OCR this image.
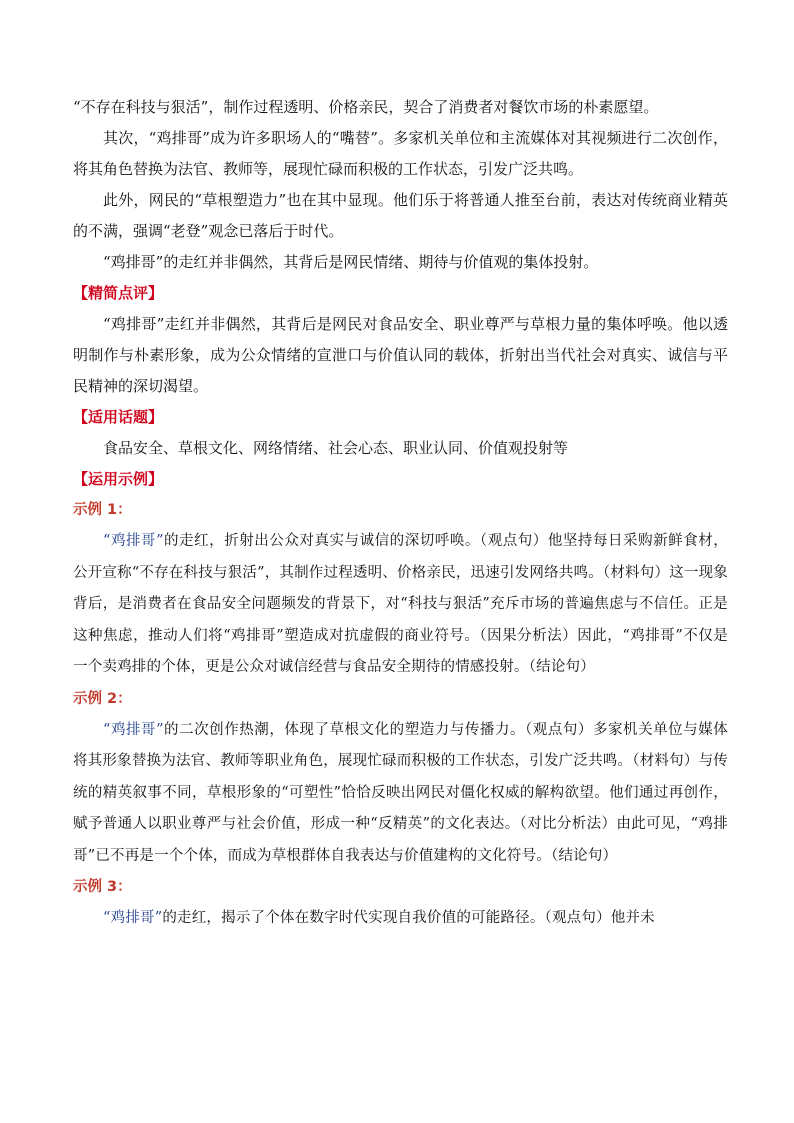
“不存在科技与狠活”，制作过程透明、价格亲民，契合了消费者对餐饮市场的朴素愿望。

其次，“鸡排哥”成为许多职场人的“嘴替”。多家机关单位和主流媒体对其视频进行二次创作，将其角色替换为法官、教师等，展现忙碌而积极的工作状态，引发广泛共鸣。

此外，网民的“草根塑造力”也在其中显现。他们乐于将普通人推至台前，表达对传统商业精英的不满，强调“老登”观念已落后于时代。

“鸡排哥”的走红并非偶然，其背后是网民情绪、期待与价值观的集体投射。

【精简点评】

“鸡排哥”走红并非偶然，其背后是网民对食品安全、职业尊严与草根力量的集体呼唤。他以透明制作与朴素形象，成为公众情绪的宣泄口与价值认同的载体，折射出当代社会对真实、诚信与平民精神的深切渴望。

【适用话题】

食品安全、草根文化、网络情绪、社会心态、职业认同、价值观投射等

【运用示例】

示例 1：

“鸡排哥”的走红，折射出公众对真实与诚信的深切呼唤。（观点句）他坚持每日采购新鲜食材，公开宣称“不存在科技与狠活”，其制作过程透明、价格亲民，迅速引发网络共鸣。（材料句）这一现象背后，是消费者在食品安全问题频发的背景下，对“科技与狠活”充斥市场的普遍焦虑与不信任。正是这种焦虑，推动人们将“鸡排哥”塑造成对抗虚假的商业符号。（因果分析法）因此，“鸡排哥”不仅是一个卖鸡排的个体，更是公众对诚信经营与食品安全期待的情感投射。（结论句）

示例 2：

“鸡排哥”的二次创作热潮，体现了草根文化的塑造力与传播力。（观点句）多家机关单位与媒体将其形象替换为法官、教师等职业角色，展现忙碌而积极的工作状态，引发广泛共鸣。（材料句）与传统的精英叙事不同，草根形象的“可塑性”恰恰反映出网民对僵化权威的解构欲望。他们通过再创作，赋予普通人以职业尊严与社会价值，形成一种“反精英”的文化表达。（对比分析法）由此可见，“鸡排哥”已不再是一个个体，而成为草根群体自我表达与价值建构的文化符号。（结论句）

示例 3：

“鸡排哥”的走红，揭示了个体在数字时代实现自我价值的可能路径。（观点句）他并未
